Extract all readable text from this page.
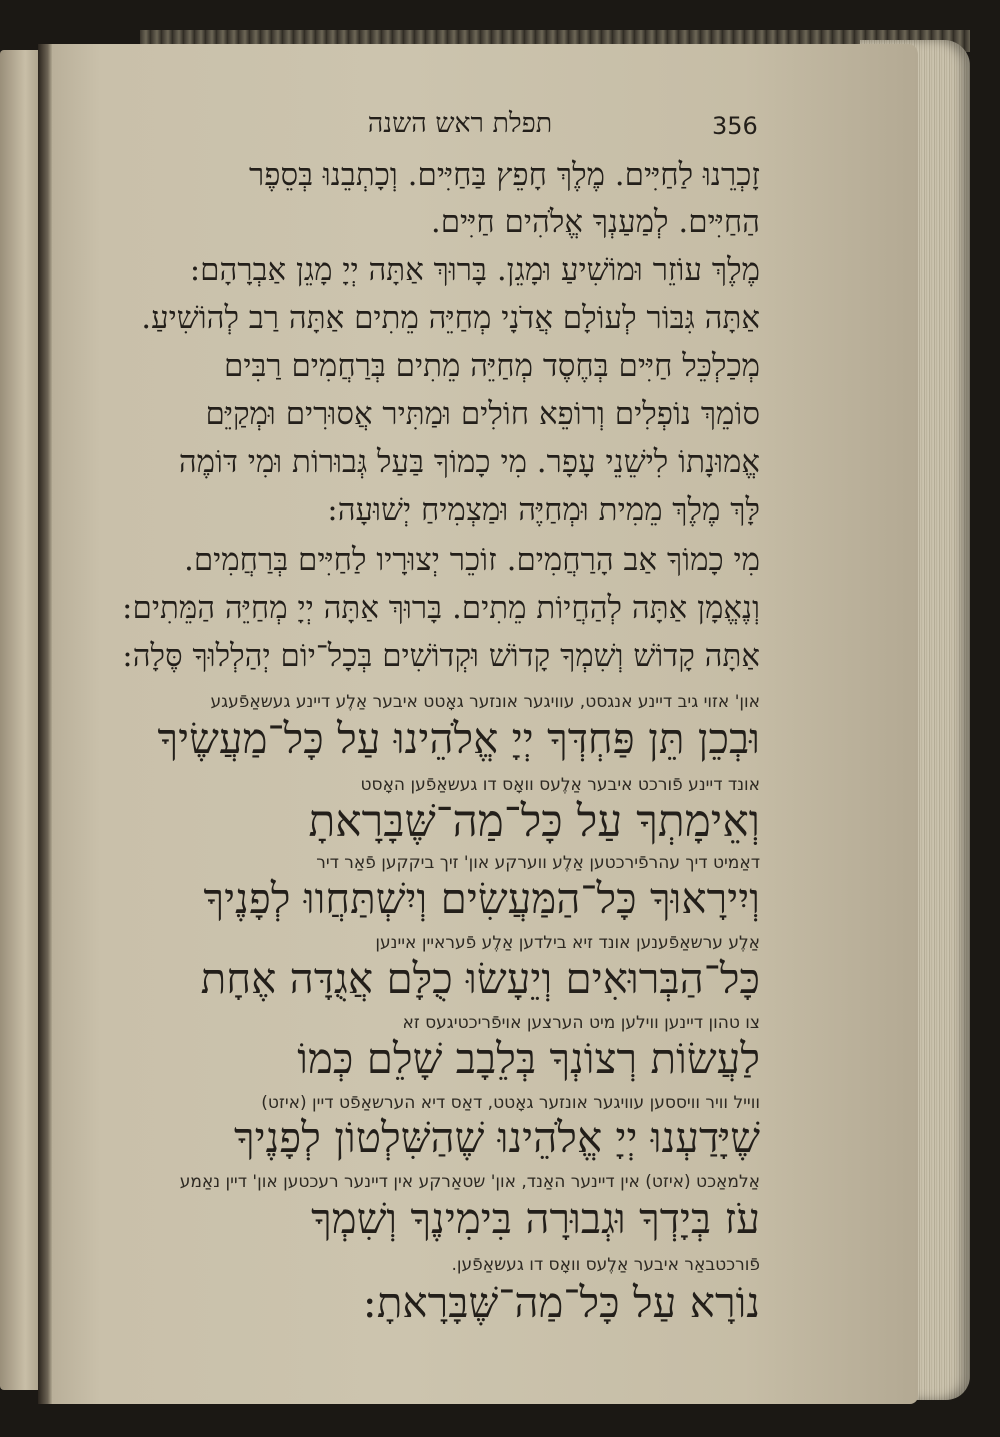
תפלת ראש השנה	356
זָכְרֵנוּ לַחַיִּים. מֶלֶךְ חָפֵץ בַּחַיִּים. וְכָתְבֵנוּ בְּסֵפֶר
הַחַיִּים. לְמַעַנְךָ אֱלֹהִים חַיִּים.
מֶלֶךְ עוֹזֵר וּמוֹשִׁיעַ וּמָגֵן. בָּרוּךְ אַתָּה יְיָ מָגֵן אַבְרָהָם:
אַתָּה גִּבּוֹר לְעוֹלָם אֲדֹנָי מְחַיֵּה מֵתִים אַתָּה רַב לְהוֹשִׁיעַ.
מְכַלְכֵּל חַיִּים בְּחֶסֶד מְחַיֵּה מֵתִים בְּרַחֲמִים רַבִּים
סוֹמֵךְ נוֹפְלִים וְרוֹפֵא חוֹלִים וּמַתִּיר אֲסוּרִים וּמְקַיֵּם
אֱמוּנָתוֹ לִישֵׁנֵי עָפָר. מִי כָמוֹךָ בַּעַל גְּבוּרוֹת וּמִי דּוֹמֶה
לָּךְ מֶלֶךְ מֵמִית וּמְחַיֶּה וּמַצְמִיחַ יְשׁוּעָה:
מִי כָמוֹךָ אַב הָרַחֲמִים. זוֹכֵר יְצוּרָיו לַחַיִּים בְּרַחֲמִים.
וְנֶאֱמָן אַתָּה לְהַחֲיוֹת מֵתִים. בָּרוּךְ אַתָּה יְיָ מְחַיֵּה הַמֵּתִים:
אַתָּה קָדוֹשׁ וְשִׁמְךָ קָדוֹשׁ וּקְדוֹשִׁים בְּכָל־יוֹם יְהַלְלוּךָ סֶּלָה:
און' אזוי גיב דיינע אנגסט, עוויגער אונזער גאָטט איבער אַלֶע דיינע געשאַפֿעגע
וּבְכֵן תֵּן פַּחְדְּךָ יְיָ אֱלֹהֵינוּ עַל כָּל־מַעֲשֶׂיךָ
אונד דיינע פֿורכט איבער אַלֶעס וואָס דו געשאַפֿען האָסט
וְאֵימָתְךָ עַל כָּל־מַה־שֶּׁבָּרָאתָ
דאַמיט דיך עהרפֿירכטען אַלֶע ווערקע און' זיך ביקקען פֿאַר דיר
וְיִירָאוּךָ כָּל־הַמַּעֲשִׂים וְיִשְׁתַּחֲווּ לְפָנֶיךָ
אַלֶע ערשאַפֿענען אונד זיא בילדען אַלֶע פֿעראיין איינען
כָּל־הַבְּרוּאִים וְיֵעָשׂוּ כֻלָּם אֲגֻדָּה אֶחָת
צו טהון דיינען ווילען מיט הערצען אויפֿריכטיגעס זא
לַעֲשׂוֹת רְצוֹנְךָ בְּלֵבָב שָׁלֵם כְּמוֹ
ווייל וויר וויססען עוויגער אונזער גאָטט, דאַס דיא הערשאַפֿט דיין (איזט)
שֶׁיָּדַעְנוּ יְיָ אֱלֹהֵינוּ שֶׁהַשִּׁלְטוֹן לְפָנֶיךָ
אַלמאַכט (איזט) אין דיינער האַנד, און' שטאַרקע אין דיינער רעכטען און' דיין נאַמע
עֹז בְּיָדְךָ וּגְבוּרָה בִּימִינֶךָ וְשִׁמְךָ
פֿורכטבאַר איבער אַלֶעס וואָס דו געשאַפֿען.
נוֹרָא עַל כָּל־מַה־שֶּׁבָּרָאתָ:
